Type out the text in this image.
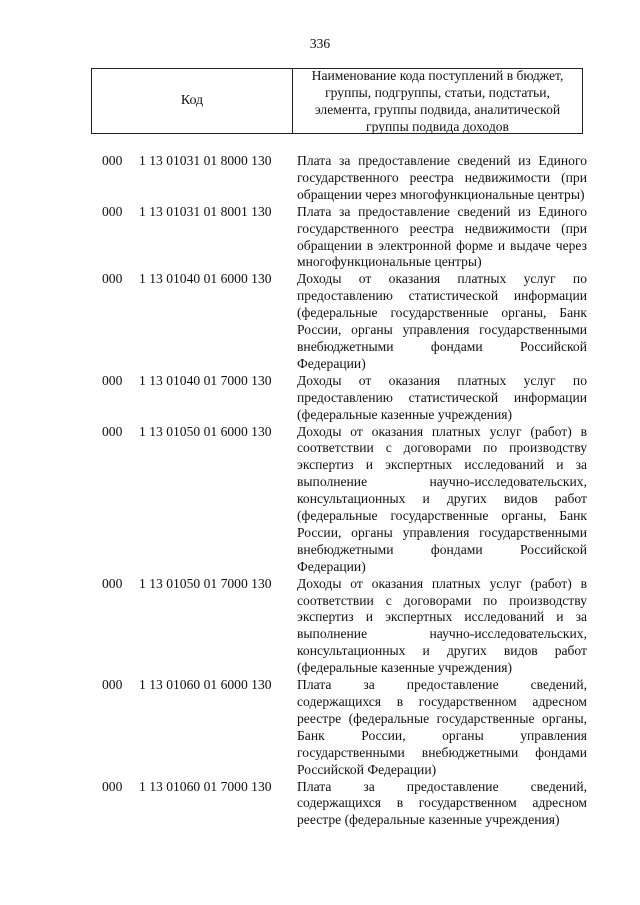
336
Код
Наименование кода поступлений в бюджет, группы, подгруппы, статьи, подстатьи, элемента, группы подвида, аналитической группы подвида доходов
000	1 13 01031 01 8000 130	Плата за предоставление сведений из Единого государственного реестра недвижимости (при обращении через многофункциональные центры)
000	1 13 01031 01 8001 130	Плата за предоставление сведений из Единого государственного реестра недвижимости (при обращении в электронной форме и выдаче через многофункциональные центры)
000	1 13 01040 01 6000 130	Доходы от оказания платных услуг по предоставлению статистической информации (федеральные государственные органы, Банк России, органы управления государственными внебюджетными фондами Российской Федерации)
000	1 13 01040 01 7000 130	Доходы от оказания платных услуг по предоставлению статистической информации (федеральные казенные учреждения)
000	1 13 01050 01 6000 130	Доходы от оказания платных услуг (работ) в соответствии с договорами по производству экспертиз и экспертных исследований и за выполнение научно-исследовательских, консультационных и других видов работ (федеральные государственные органы, Банк России, органы управления государственными внебюджетными фондами Российской Федерации)
000	1 13 01050 01 7000 130	Доходы от оказания платных услуг (работ) в соответствии с договорами по производству экспертиз и экспертных исследований и за выполнение научно-исследовательских, консультационных и других видов работ (федеральные казенные учреждения)
000	1 13 01060 01 6000 130	Плата за предоставление сведений, содержащихся в государственном адресном реестре (федеральные государственные органы, Банк России, органы управления государственными внебюджетными фондами Российской Федерации)
000	1 13 01060 01 7000 130	Плата за предоставление сведений, содержащихся в государственном адресном реестре (федеральные казенные учреждения)
